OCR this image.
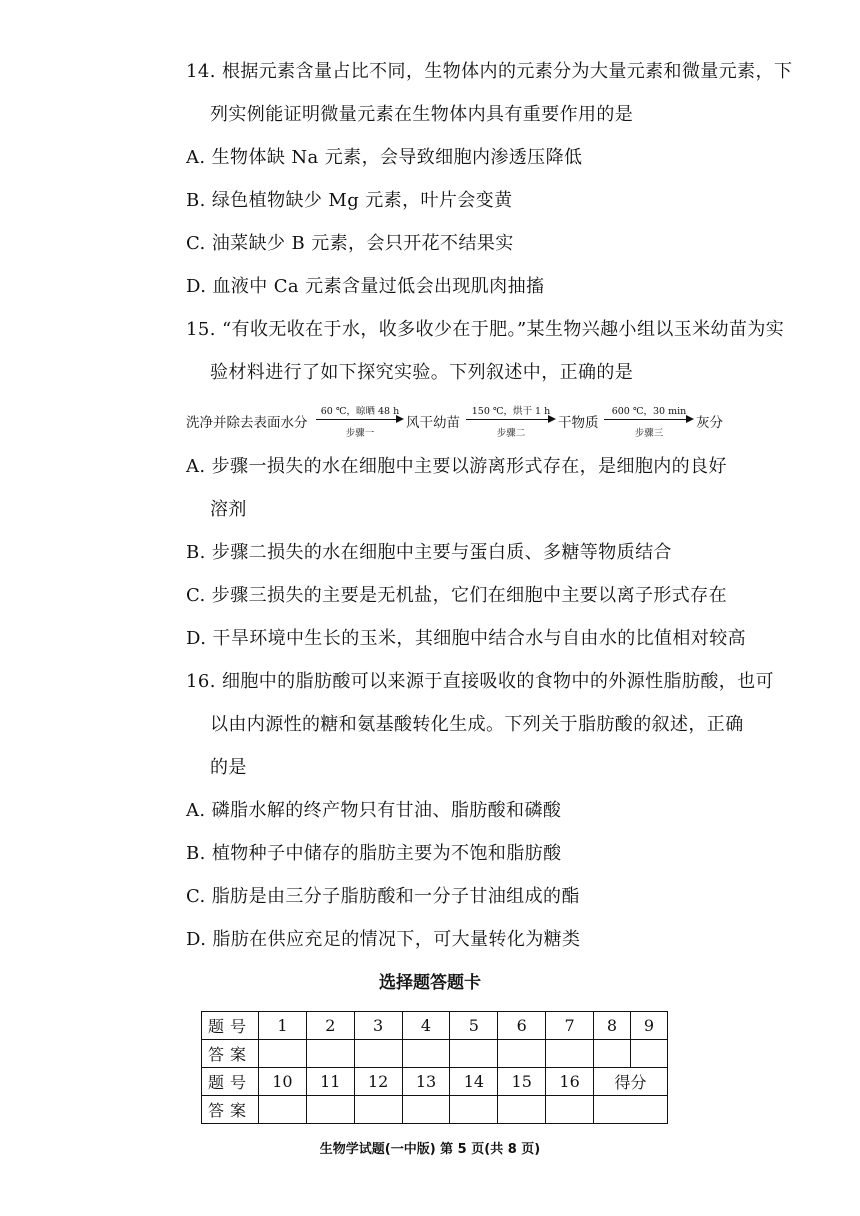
14. 根据元素含量占比不同，生物体内的元素分为大量元素和微量元素，下
列实例能证明微量元素在生物体内具有重要作用的是
A. 生物体缺 Na 元素，会导致细胞内渗透压降低
B. 绿色植物缺少 Mg 元素，叶片会变黄
C. 油菜缺少 B 元素，会只开花不结果实
D. 血液中 Ca 元素含量过低会出现肌肉抽搐
15. “有收无收在于水，收多收少在于肥。”某生物兴趣小组以玉米幼苗为实
验材料进行了如下探究实验。下列叙述中，正确的是
洗净并除去表面水分
60 ℃，晾晒 48 h
步骤一
风干幼苗
150 ℃，烘干 1 h
步骤二
干物质
600 ℃，30 min
步骤三
灰分
A. 步骤一损失的水在细胞中主要以游离形式存在，是细胞内的良好
溶剂
B. 步骤二损失的水在细胞中主要与蛋白质、多糖等物质结合
C. 步骤三损失的主要是无机盐，它们在细胞中主要以离子形式存在
D. 干旱环境中生长的玉米，其细胞中结合水与自由水的比值相对较高
16. 细胞中的脂肪酸可以来源于直接吸收的食物中的外源性脂肪酸，也可
以由内源性的糖和氨基酸转化生成。下列关于脂肪酸的叙述，正确
的是
A. 磷脂水解的终产物只有甘油、脂肪酸和磷酸
B. 植物种子中储存的脂肪主要为不饱和脂肪酸
C. 脂肪是由三分子脂肪酸和一分子甘油组成的酯
D. 脂肪在供应充足的情况下，可大量转化为糖类
选择题答题卡
题号	1	2	3	4	5	6	7	8	9
答案									
题号	10	11	12	13	14	15	16	得分	
答案									
生物学试题(一中版) 第 5 页(共 8 页)
